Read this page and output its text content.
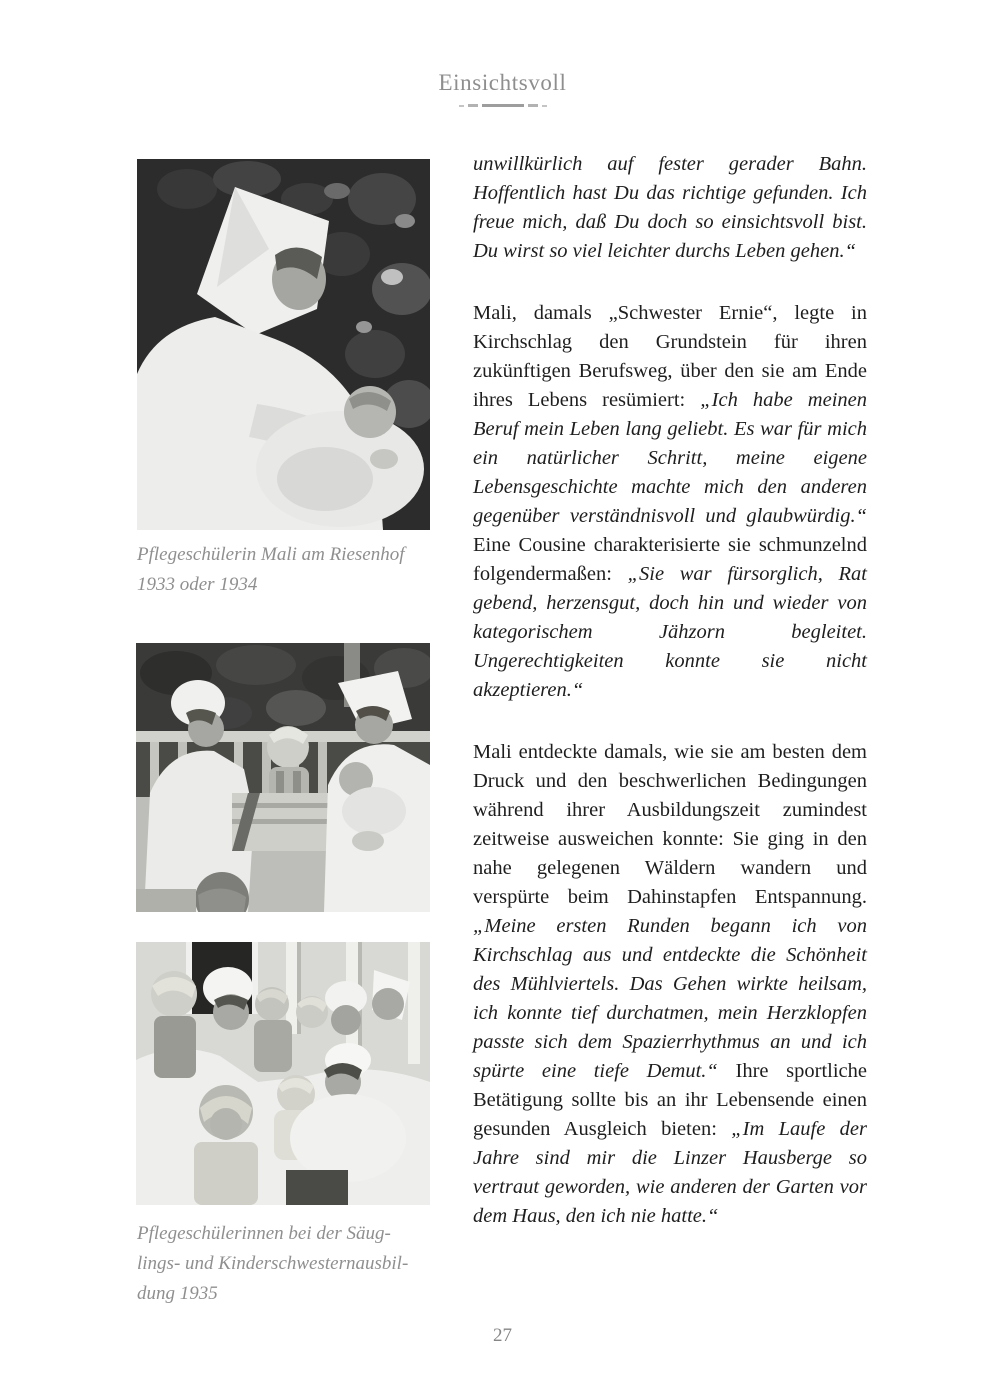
Einsichtsvoll
Pflegeschülerin Mali am Riesenhof
1933 oder 1934
Pflegeschülerinnen bei der Säug-
lings- und Kinderschwesternausbil-
dung 1935

unwillkürlich auf fester gerader Bahn. Hoffentlich hast Du das richtige gefunden. Ich freue mich, daß Du doch so einsichtsvoll bist. Du wirst so viel leichter durchs Leben gehen.“

Mali, damals „Schwester Ernie“, legte in Kirchschlag den Grundstein für ihren zukünftigen Berufsweg, über den sie am Ende ihres Lebens resümiert: „Ich habe meinen Beruf mein Leben lang geliebt. Es war für mich ein natürlicher Schritt, meine eigene Lebensgeschichte machte mich den anderen gegenüber verständnisvoll und glaubwürdig.“ Eine Cousine charakterisierte sie schmunzelnd folgendermaßen: „Sie war fürsorglich, Rat gebend, herzensgut, doch hin und wieder von kategorischem Jähzorn begleitet. Ungerechtigkeiten konnte sie nicht akzeptieren.“

Mali entdeckte damals, wie sie am besten dem Druck und den beschwerlichen Bedingungen während ihrer Ausbildungszeit zumindest zeitweise ausweichen konnte: Sie ging in den nahe gelegenen Wäldern wandern und verspürte beim Dahinstapfen Entspannung. „Meine ersten Runden begann ich von Kirchschlag aus und entdeckte die Schönheit des Mühlviertels. Das Gehen wirkte heilsam, ich konnte tief durchatmen, mein Herzklopfen passte sich dem Spazierrhythmus an und ich spürte eine tiefe Demut.“ Ihre sportliche Betätigung sollte bis an ihr Lebensende einen gesunden Ausgleich bieten: „Im Laufe der Jahre sind mir die Linzer Hausberge so vertraut geworden, wie anderen der Garten vor dem Haus, den ich nie hatte.“

27
